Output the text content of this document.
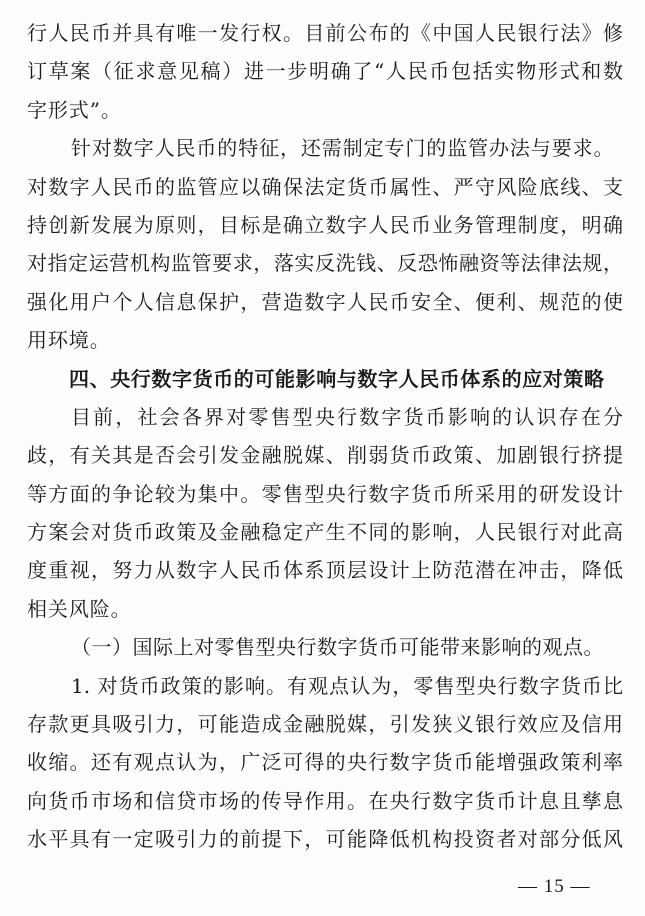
行人民币并具有唯一发行权。目前公布的《中国人民银行法》修
订草案（征求意见稿）进一步明确了“人民币包括实物形式和数
字形式”。
针对数字人民币的特征，还需制定专门的监管办法与要求。
对数字人民币的监管应以确保法定货币属性、严守风险底线、支
持创新发展为原则，目标是确立数字人民币业务管理制度，明确
对指定运营机构监管要求，落实反洗钱、反恐怖融资等法律法规，
强化用户个人信息保护，营造数字人民币安全、便利、规范的使
用环境。
四、央行数字货币的可能影响与数字人民币体系的应对策略
目前，社会各界对零售型央行数字货币影响的认识存在分
歧，有关其是否会引发金融脱媒、削弱货币政策、加剧银行挤提
等方面的争论较为集中。零售型央行数字货币所采用的研发设计
方案会对货币政策及金融稳定产生不同的影响，人民银行对此高
度重视，努力从数字人民币体系顶层设计上防范潜在冲击，降低
相关风险。
（一）国际上对零售型央行数字货币可能带来影响的观点。
1. 对货币政策的影响。有观点认为，零售型央行数字货币比
存款更具吸引力，可能造成金融脱媒，引发狭义银行效应及信用
收缩。还有观点认为，广泛可得的央行数字货币能增强政策利率
向货币市场和信贷市场的传导作用。在央行数字货币计息且孳息
水平具有一定吸引力的前提下，可能降低机构投资者对部分低风
— 15 —
